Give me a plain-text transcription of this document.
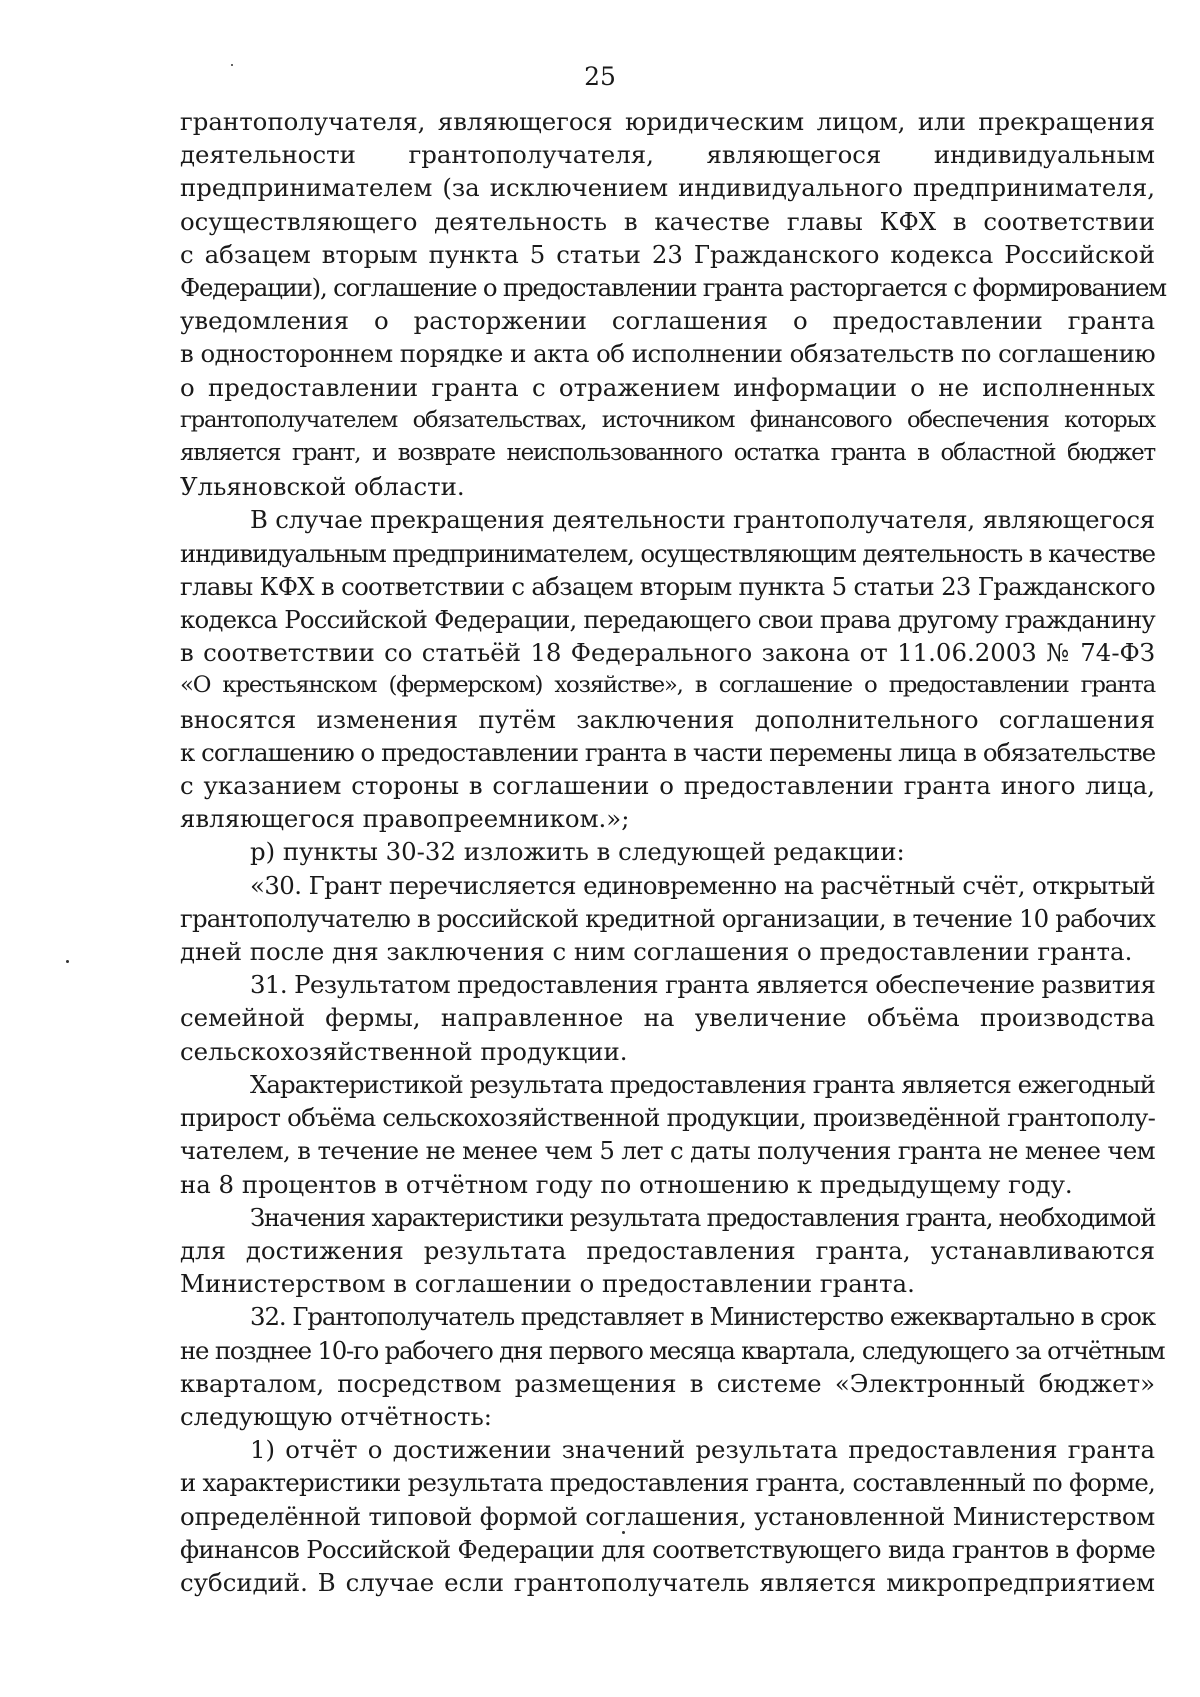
25
грантополучателя, являющегося юридическим лицом, или прекращения
деятельности грантополучателя, являющегося индивидуальным
предпринимателем (за исключением индивидуального предпринимателя,
осуществляющего деятельность в качестве главы КФХ в соответствии
с абзацем вторым пункта 5 статьи 23 Гражданского кодекса Российской
Федерации), соглашение о предоставлении гранта расторгается с формированием
уведомления о расторжении соглашения о предоставлении гранта
в одностороннем порядке и акта об исполнении обязательств по соглашению
о предоставлении гранта с отражением информации о не исполненных
грантополучателем обязательствах, источником финансового обеспечения которых
является грант, и возврате неиспользованного остатка гранта в областной бюджет
Ульяновской области.
В случае прекращения деятельности грантополучателя, являющегося
индивидуальным предпринимателем, осуществляющим деятельность в качестве
главы КФХ в соответствии с абзацем вторым пункта 5 статьи 23 Гражданского
кодекса Российской Федерации, передающего свои права другому гражданину
в соответствии со статьёй 18 Федерального закона от 11.06.2003 № 74-ФЗ
«О крестьянском (фермерском) хозяйстве», в соглашение о предоставлении гранта
вносятся изменения путём заключения дополнительного соглашения
к соглашению о предоставлении гранта в части перемены лица в обязательстве
с указанием стороны в соглашении о предоставлении гранта иного лица,
являющегося правопреемником.»;
р) пункты 30-32 изложить в следующей редакции:
«30. Грант перечисляется единовременно на расчётный счёт, открытый
грантополучателю в российской кредитной организации, в течение 10 рабочих
дней после дня заключения с ним соглашения о предоставлении гранта.
31. Результатом предоставления гранта является обеспечение развития
семейной фермы, направленное на увеличение объёма производства
сельскохозяйственной продукции.
Характеристикой результата предоставления гранта является ежегодный
прирост объёма сельскохозяйственной продукции, произведённой грантополу-
чателем, в течение не менее чем 5 лет с даты получения гранта не менее чем
на 8 процентов в отчётном году по отношению к предыдущему году.
Значения характеристики результата предоставления гранта, необходимой
для достижения результата предоставления гранта, устанавливаются
Министерством в соглашении о предоставлении гранта.
32. Грантополучатель представляет в Министерство ежеквартально в срок
не позднее 10-го рабочего дня первого месяца квартала, следующего за отчётным
кварталом, посредством размещения в системе «Электронный бюджет»
следующую отчётность:
1) отчёт о достижении значений результата предоставления гранта
и характеристики результата предоставления гранта, составленный по форме,
определённой типовой формой соглашения, установленной Министерством
финансов Российской Федерации для соответствующего вида грантов в форме
субсидий. В случае если грантополучатель является микропредприятием
